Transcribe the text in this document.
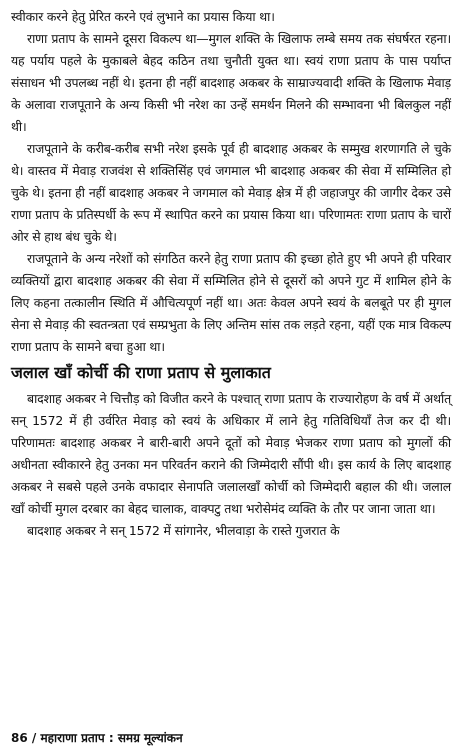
स्वीकार करने हेतु प्रेरित करने एवं लुभाने का प्रयास किया था।

राणा प्रताप के सामने दूसरा विकल्प था—मुगल शक्ति के खिलाफ लम्बे समय तक संघर्षरत रहना। यह पर्याय पहले के मुकाबले बेहद कठिन तथा चुनौती युक्त था। स्वयं राणा प्रताप के पास पर्याप्त संसाधन भी उपलब्ध नहीं थे। इतना ही नहीं बादशाह अकबर के साम्राज्यवादी शक्ति के खिलाफ मेवाड़ के अलावा राजपूताने के अन्य किसी भी नरेश का उन्हें समर्थन मिलने की सम्भावना भी बिलकुल नहीं थी।

राजपूताने के करीब-करीब सभी नरेश इसके पूर्व ही बादशाह अकबर के सम्मुख शरणागति ले चुके थे। वास्तव में मेवाड़ राजवंश से शक्तिसिंह एवं जगमाल भी बादशाह अकबर की सेवा में सम्मिलित हो चुके थे। इतना ही नहीं बादशाह अकबर ने जगमाल को मेवाड़ क्षेत्र में ही जहाजपुर की जागीर देकर उसे राणा प्रताप के प्रतिस्पर्धी के रूप में स्थापित करने का प्रयास किया था। परिणामतः राणा प्रताप के चारों ओर से हाथ बंध चुके थे।

राजपूताने के अन्य नरेशों को संगठित करने हेतु राणा प्रताप की इच्छा होते हुए भी अपने ही परिवार व्यक्तियों द्वारा बादशाह अकबर की सेवा में सम्मिलित होने से दूसरों को अपने गुट में शामिल होने के लिए कहना तत्कालीन स्थिति में औचित्यपूर्ण नहीं था। अतः केवल अपने स्वयं के बलबूते पर ही मुगल सेना से मेवाड़ की स्वतन्त्रता एवं सम्प्रभुता के लिए अन्तिम सांस तक लड़ते रहना, यहीं एक मात्र विकल्प राणा प्रताप के सामने बचा हुआ था।

जलाल खाँ कोर्ची की राणा प्रताप से मुलाकात

बादशाह अकबर ने चित्तौड़ को विजीत करने के पश्चात् राणा प्रताप के राज्यारोहण के वर्ष में अर्थात् सन् 1572 में ही उर्वरित मेवाड़ को स्वयं के अधिकार में लाने हेतु गतिविधियाँ तेज कर दी थी। परिणामतः बादशाह अकबर ने बारी-बारी अपने दूतों को मेवाड़ भेजकर राणा प्रताप को मुगलों की अधीनता स्वीकारने हेतु उनका मन परिवर्तन कराने की जिम्मेदारी सौंपी थी। इस कार्य के लिए बादशाह अकबर ने सबसे पहले उनके वफादार सेनापति जलालखाँ कोर्ची को जिम्मेदारी बहाल की थी। जलाल खाँ कोर्ची मुगल दरबार का बेहद चालाक, वाक्पटु तथा भरोसेमंद व्यक्ति के तौर पर जाना जाता था।

बादशाह अकबर ने सन् 1572 में सांगानेर, भीलवाड़ा के रास्ते गुजरात के

86 / महाराणा प्रताप : समग्र मूल्यांकन
